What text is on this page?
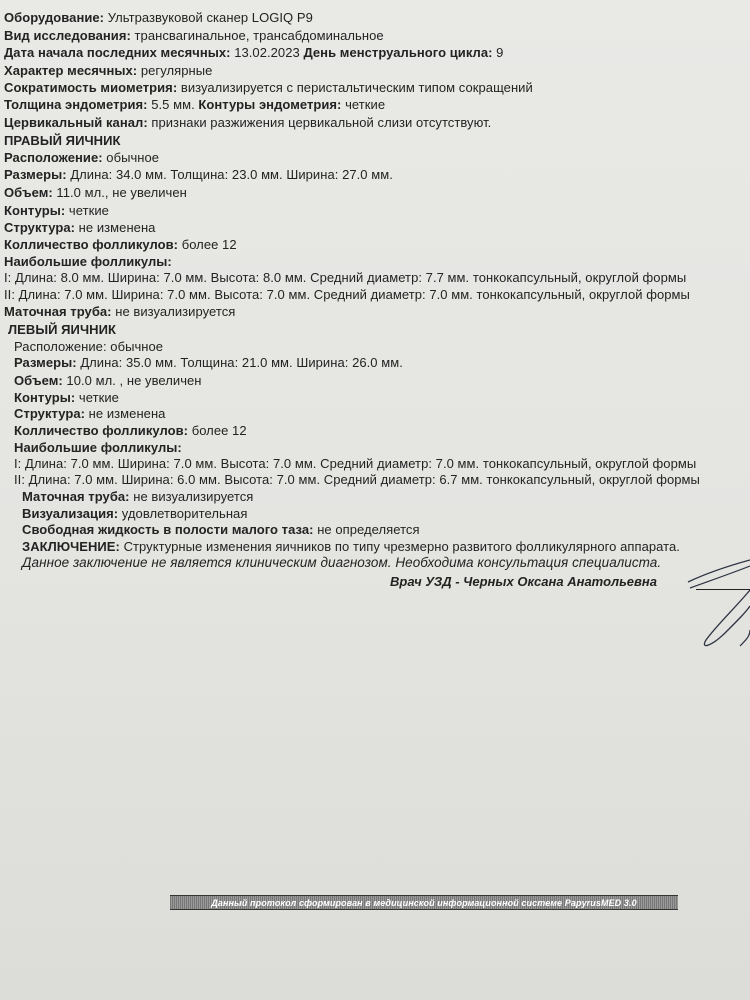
Оборудование: Ультразвуковой сканер LOGIQ P9
Вид исследования: трансвагинальное, трансабдоминальное
Дата начала последних месячных: 13.02.2023 День менструального цикла: 9
Характер месячных: регулярные
Сократимость миометрия: визуализируется с перистальтическим типом сокращений
Толщина эндометрия: 5.5 мм. Контуры эндометрия: четкие
Цервикальный канал: признаки разжижения цервикальной слизи отсутствуют.
ПРАВЫЙ ЯИЧНИК
Расположение: обычное
Размеры: Длина: 34.0 мм. Толщина: 23.0 мм. Ширина: 27.0 мм.
Объем: 11.0 мл., не увеличен
Контуры: четкие
Структура: не изменена
Колличество фолликулов: более 12
Наибольшие фолликулы:
I: Длина: 8.0 мм. Ширина: 7.0 мм. Высота: 8.0 мм. Средний диаметр: 7.7 мм. тонкокапсульный, округлой формы
II: Длина: 7.0 мм. Ширина: 7.0 мм. Высота: 7.0 мм. Средний диаметр: 7.0 мм. тонкокапсульный, округлой формы
Маточная труба: не визуализируется
ЛЕВЫЙ ЯИЧНИК
Расположение: обычное
Размеры: Длина: 35.0 мм. Толщина: 21.0 мм. Ширина: 26.0 мм.
Объем: 10.0 мл. , не увеличен
Контуры: четкие
Структура: не изменена
Колличество фолликулов: более 12
Наибольшие фолликулы:
I: Длина: 7.0 мм. Ширина: 7.0 мм. Высота: 7.0 мм. Средний диаметр: 7.0 мм. тонкокапсульный, округлой формы
II: Длина: 7.0 мм. Ширина: 6.0 мм. Высота: 7.0 мм. Средний диаметр: 6.7 мм. тонкокапсульный, округлой формы
Маточная труба: не визуализируется
Визуализация: удовлетворительная
Свободная жидкость в полости малого таза: не определяется
ЗАКЛЮЧЕНИЕ: Структурные изменения яичников по типу чрезмерно развитого фолликулярного аппарата.
Данное заключение не является клиническим диагнозом. Необходима консультация специалиста.
Врач УЗД - Черных Оксана Анатольевна
Данный протокол сформирован в медицинской информационной системе PapyrusMED 3.0
